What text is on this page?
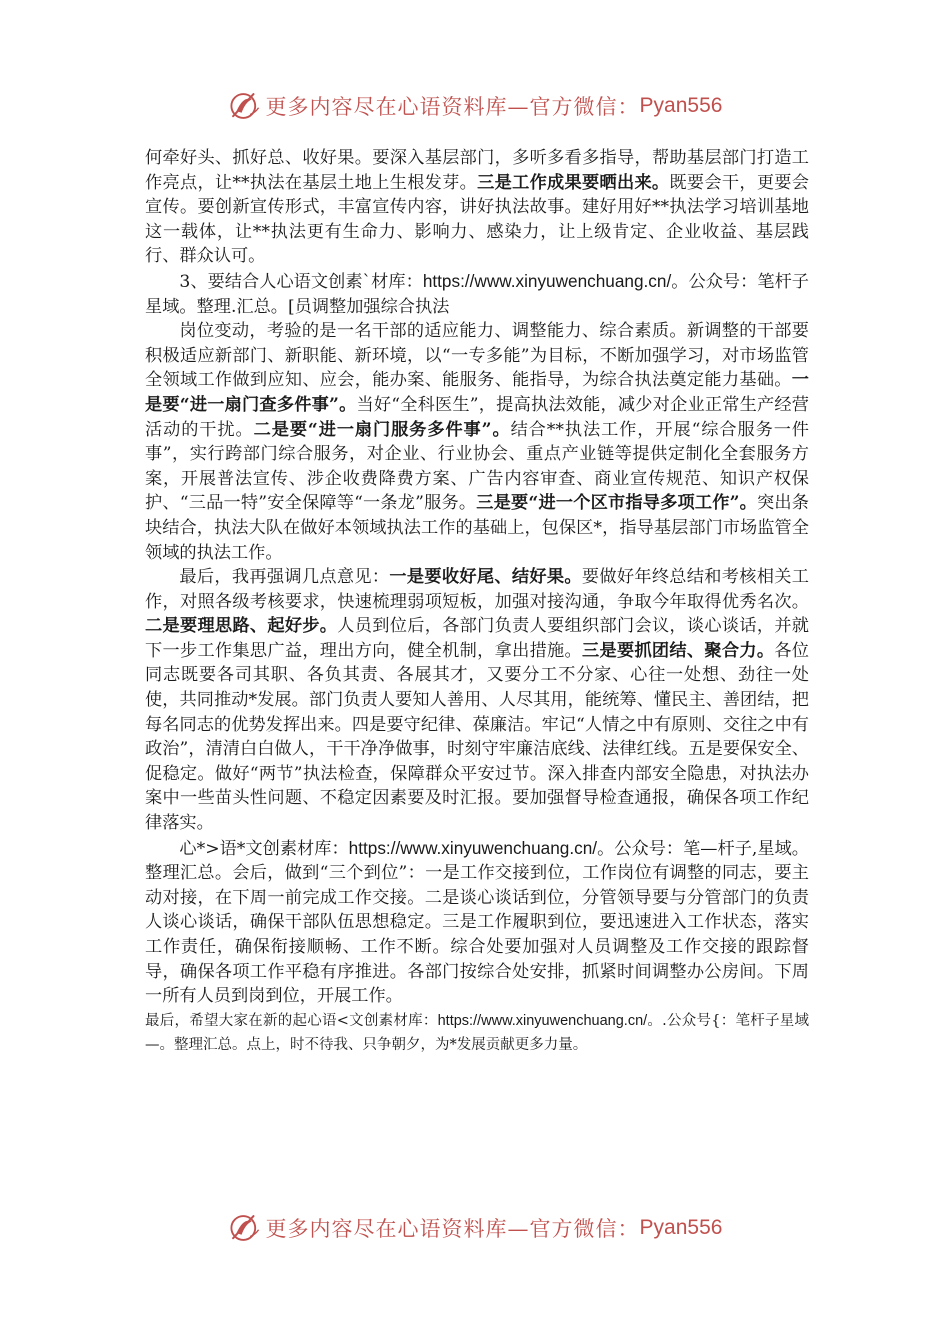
更多内容尽在心语资料库—官方微信： Pyan556

何牵好头、抓好总、收好果。要深入基层部门，多听多看多指导，帮助基层部门打造工作亮点，让**执法在基层土地上生根发芽。三是工作成果要晒出来。既要会干，更要会宣传。要创新宣传形式，丰富宣传内容，讲好执法故事。建好用好**执法学习培训基地这一载体，让**执法更有生命力、影响力、感染力，让上级肯定、企业收益、基层践行、群众认可。

3、要结合人心语文创素`材库：https://www.xinyuwenchuang.cn/。公众号：笔杆子星域。整理.汇总。[员调整加强综合执法

岗位变动，考验的是一名干部的适应能力、调整能力、综合素质。新调整的干部要积极适应新部门、新职能、新环境，以“一专多能”为目标，不断加强学习，对市场监管全领域工作做到应知、应会，能办案、能服务、能指导，为综合执法奠定能力基础。一是要“进一扇门查多件事”。当好“全科医生”，提高执法效能，减少对企业正常生产经营活动的干扰。二是要“进一扇门服务多件事”。结合**执法工作，开展“综合服务一件事”，实行跨部门综合服务，对企业、行业协会、重点产业链等提供定制化全套服务方案，开展普法宣传、涉企收费降费方案、广告内容审查、商业宣传规范、知识产权保护、“三品一特”安全保障等“一条龙”服务。三是要“进一个区市指导多项工作”。突出条块结合，执法大队在做好本领域执法工作的基础上，包保区*，指导基层部门市场监管全领域的执法工作。

最后，我再强调几点意见：一是要收好尾、结好果。要做好年终总结和考核相关工作，对照各级考核要求，快速梳理弱项短板，加强对接沟通，争取今年取得优秀名次。二是要理思路、起好步。人员到位后，各部门负责人要组织部门会议，谈心谈话，并就下一步工作集思广益，理出方向，健全机制，拿出措施。三是要抓团结、聚合力。各位同志既要各司其职、各负其责、各展其才，又要分工不分家、心往一处想、劲往一处使，共同推动*发展。部门负责人要知人善用、人尽其用，能统筹、懂民主、善团结，把每名同志的优势发挥出来。四是要守纪律、葆廉洁。牢记“人情之中有原则、交往之中有政治”，清清白白做人，干干净净做事，时刻守牢廉洁底线、法律红线。五是要保安全、促稳定。做好“两节”执法检查，保障群众平安过节。深入排查内部安全隐患，对执法办案中一些苗头性问题、不稳定因素要及时汇报。要加强督导检查通报，确保各项工作纪律落实。

心*>语*文创素材库：https://www.xinyuwenchuang.cn/。公众号：笔—杆子,星域。整理汇总。会后，做到“三个到位”：一是工作交接到位，工作岗位有调整的同志，要主动对接，在下周一前完成工作交接。二是谈心谈话到位，分管领导要与分管部门的负责人谈心谈话，确保干部队伍思想稳定。三是工作履职到位，要迅速进入工作状态，落实工作责任，确保衔接顺畅、工作不断。综合处要加强对人员调整及工作交接的跟踪督导，确保各项工作平稳有序推进。各部门按综合处安排，抓紧时间调整办公房间。下周一所有人员到岗到位，开展工作。

最后，希望大家在新的起心语<文创素材库：https://www.xinyuwenchuang.cn/。.公众号{：笔杆子星域—。整理汇总。点上，时不待我、只争朝夕，为*发展贡献更多力量。

更多内容尽在心语资料库—官方微信： Pyan556
